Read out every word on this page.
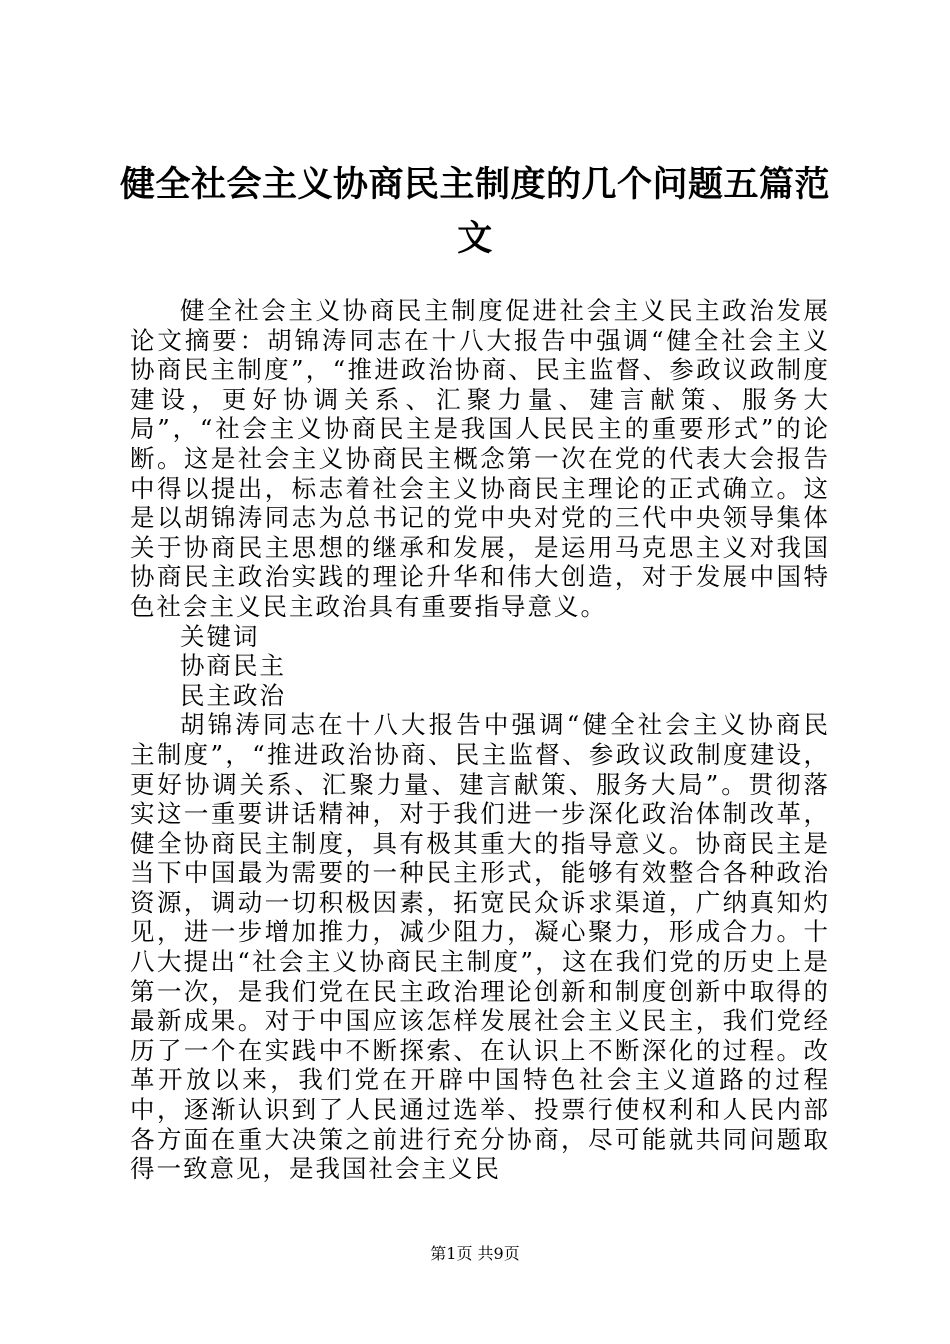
健全社会主义协商民主制度的几个问题五篇范文

健全社会主义协商民主制度促进社会主义民主政治发展论文摘要：胡锦涛同志在十八大报告中强调“健全社会主义协商民主制度”，“推进政治协商、民主监督、参政议政制度建设，更好协调关系、汇聚力量、建言献策、服务大局”，“社会主义协商民主是我国人民民主的重要形式”的论断。这是社会主义协商民主概念第一次在党的代表大会报告中得以提出，标志着社会主义协商民主理论的正式确立。这是以胡锦涛同志为总书记的党中央对党的三代中央领导集体关于协商民主思想的继承和发展，是运用马克思主义对我国协商民主政治实践的理论升华和伟大创造，对于发展中国特色社会主义民主政治具有重要指导意义。

关键词

协商民主

民主政治

胡锦涛同志在十八大报告中强调“健全社会主义协商民主制度”，“推进政治协商、民主监督、参政议政制度建设，更好协调关系、汇聚力量、建言献策、服务大局”。贯彻落实这一重要讲话精神，对于我们进一步深化政治体制改革，健全协商民主制度，具有极其重大的指导意义。协商民主是当下中国最为需要的一种民主形式，能够有效整合各种政治资源，调动一切积极因素，拓宽民众诉求渠道，广纳真知灼见，进一步增加推力，减少阻力，凝心聚力，形成合力。十八大提出“社会主义协商民主制度”，这在我们党的历史上是第一次，是我们党在民主政治理论创新和制度创新中取得的最新成果。对于中国应该怎样发展社会主义民主，我们党经历了一个在实践中不断探索、在认识上不断深化的过程。改革开放以来，我们党在开辟中国特色社会主义道路的过程中，逐渐认识到了人民通过选举、投票行使权利和人民内部各方面在重大决策之前进行充分协商，尽可能就共同问题取得一致意见，是我国社会主义民

第1页 共9页
